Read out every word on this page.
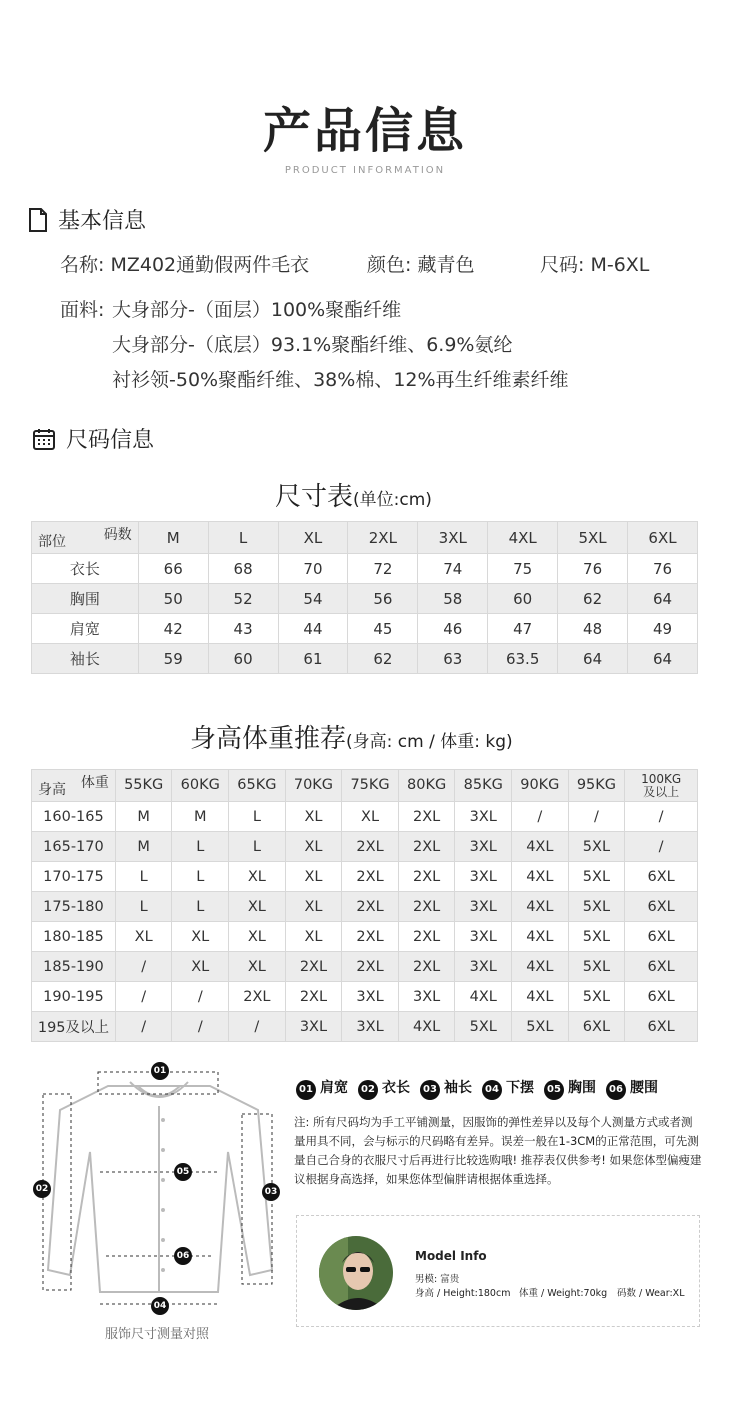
产品信息
PRODUCT INFORMATION
基本信息
名称: MZ402通勤假两件毛衣	颜色: 藏青色	尺码: M-6XL
面料: 大身部分-（面层）100%聚酯纤维
大身部分-（底层）93.1%聚酯纤维、6.9%氨纶
衬衫领-50%聚酯纤维、38%棉、12%再生纤维素纤维
尺码信息
尺寸表(单位:cm)
码数
部位	M	L	XL	2XL	3XL	4XL	5XL	6XL
衣长	66	68	70	72	74	75	76	76
胸围	50	52	54	56	58	60	62	64
肩宽	42	43	44	45	46	47	48	49
袖长	59	60	61	62	63	63.5	64	64
身高体重推荐(身高: cm / 体重: kg)
体重
身高	55KG	60KG	65KG	70KG	75KG	80KG	85KG	90KG	95KG	100KG
及以上
160-165	M	M	L	XL	XL	2XL	3XL	/	/	/
165-170	M	L	L	XL	2XL	2XL	3XL	4XL	5XL	/
170-175	L	L	XL	XL	2XL	2XL	3XL	4XL	5XL	6XL
175-180	L	L	XL	XL	2XL	2XL	3XL	4XL	5XL	6XL
180-185	XL	XL	XL	XL	2XL	2XL	3XL	4XL	5XL	6XL
185-190	/	XL	XL	2XL	2XL	2XL	3XL	4XL	5XL	6XL
190-195	/	/	2XL	2XL	3XL	3XL	4XL	4XL	5XL	6XL
195及以上	/	/	/	3XL	3XL	4XL	5XL	5XL	6XL	6XL
01
02	03
04
05
06
服饰尺寸测量对照
01 肩宽	02 衣长	03 袖长	04 下摆	05 胸围	06 腰围
注: 所有尺码均为手工平铺测量，因服饰的弹性差异以及每个人测量方式或者测量用具不同，会与标示的尺码略有差异。误差一般在1-3CM的正常范围，可先测量自己合身的衣服尺寸后再进行比较选购哦! 推荐表仅供参考! 如果您体型偏瘦建议根据身高选择，如果您体型偏胖请根据体重选择。
Model Info
男模: 富贵
身高 / Height:180cm 体重 / Weight:70kg 码数 / Wear:XL
